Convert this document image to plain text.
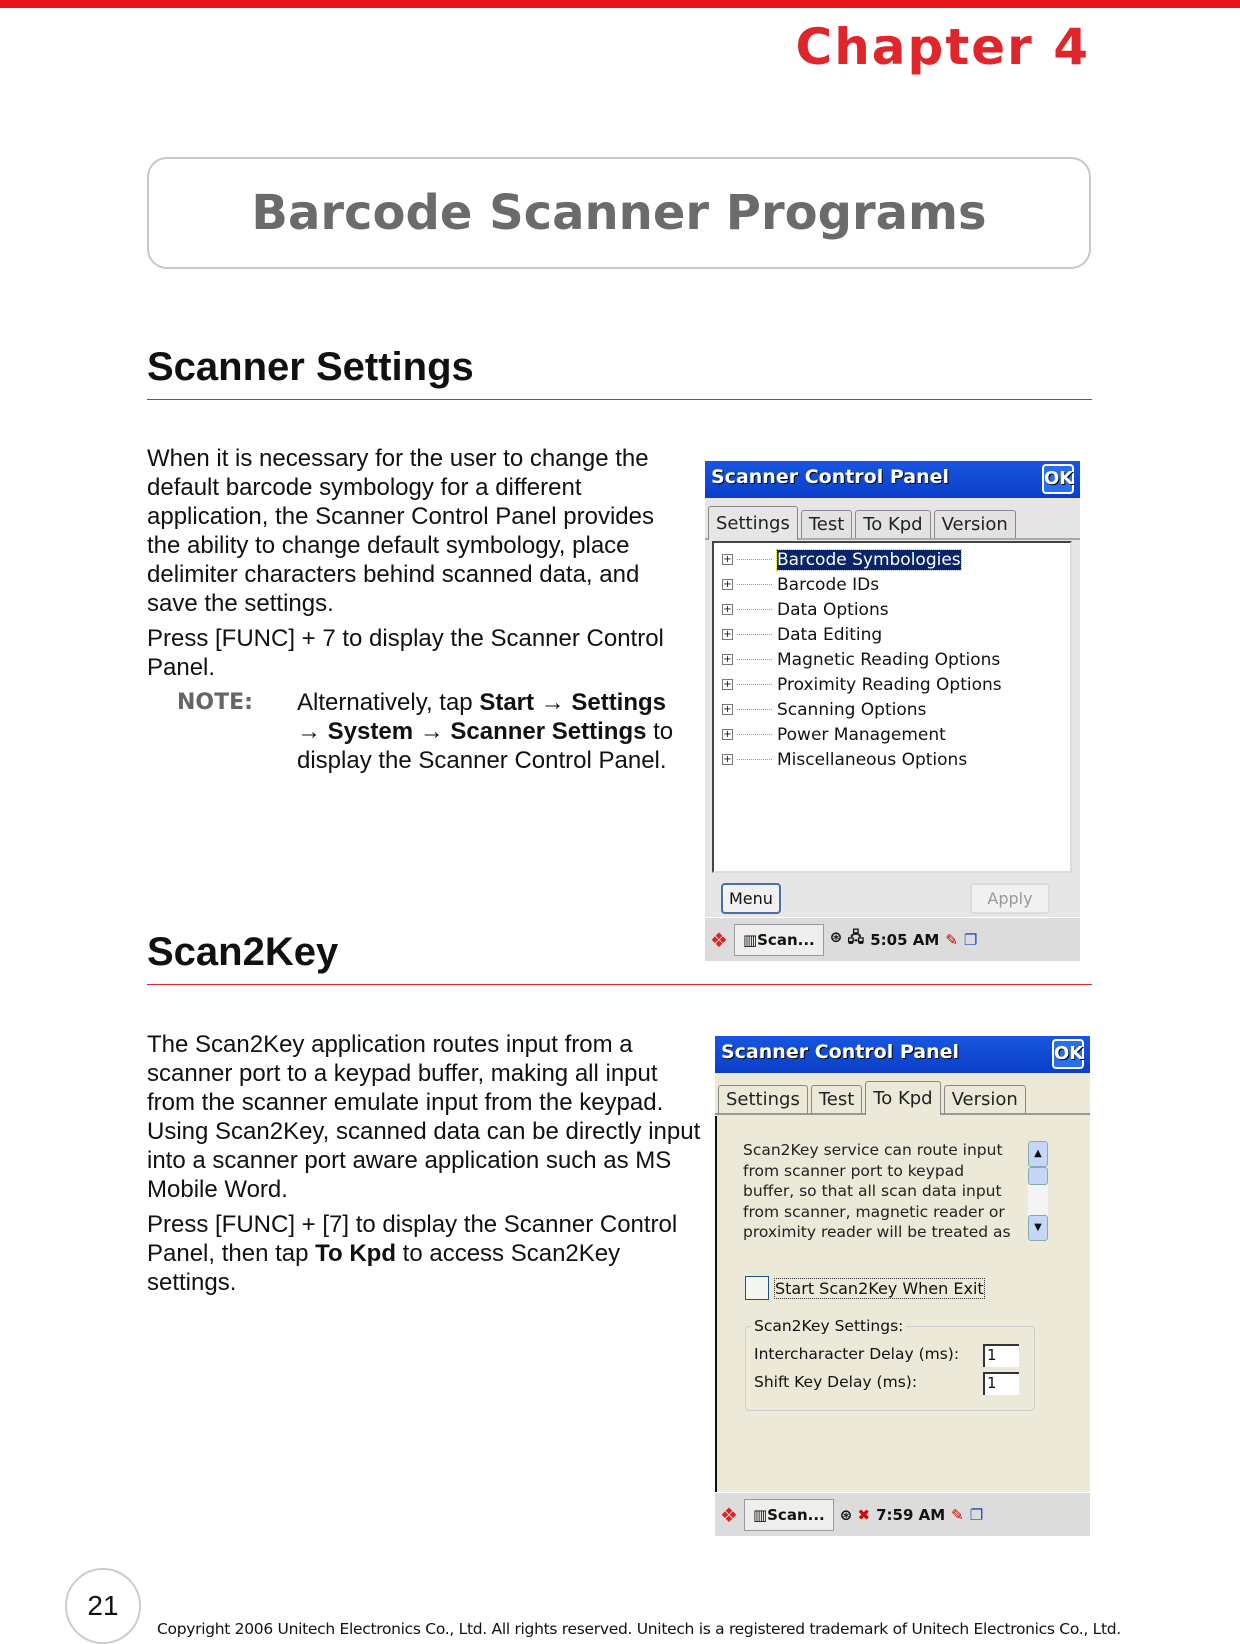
Chapter 4
Barcode Scanner Programs
Scanner Settings

When it is necessary for the user to change the default barcode symbology for a different application, the Scanner Control Panel provides the ability to change default symbology, place delimiter characters behind scanned data, and save the settings.

Press [FUNC] + 7 to display the Scanner Control Panel.

NOTE:	Alternatively, tap Start → Settings
→ System → Scanner Settings to display the Scanner Control Panel.
Scanner Control Panel	OK
Settings	Test	To Kpd	Version
+	Barcode Symbologies
+	Barcode IDs
+	Data Options
+	Data Editing
+	Magnetic Reading Options
+	Proximity Reading Options
+	Scanning Options
+	Power Management
+	Miscellaneous Options
Menu	Apply
❖	▥Scan...	⊛ 🖧 5:05 AM ✎ ❐
Scan2Key

The Scan2Key application routes input from a scanner port to a keypad buffer, making all input from the scanner emulate input from the keypad. Using Scan2Key, scanned data can be directly input into a scanner port aware application such as MS Mobile Word.

Press [FUNC] + [7] to display the Scanner Control Panel, then tap To Kpd to access Scan2Key settings.

Scanner Control Panel	OK
Settings	Test	To Kpd	Version
Scan2Key service can route input from scanner port to keypad buffer, so that all scan data input from scanner, magnetic reader or proximity reader will be treated as
▲
▼
Start Scan2Key When Exit
Scan2Key Settings:
Intercharacter Delay (ms): 1
Shift Key Delay (ms):	1
❖	▥Scan...	⊛ ✖ 7:59 AM ✎ ❐
21
Copyright 2006 Unitech Electronics Co., Ltd. All rights reserved. Unitech is a registered trademark of Unitech Electronics Co., Ltd.
